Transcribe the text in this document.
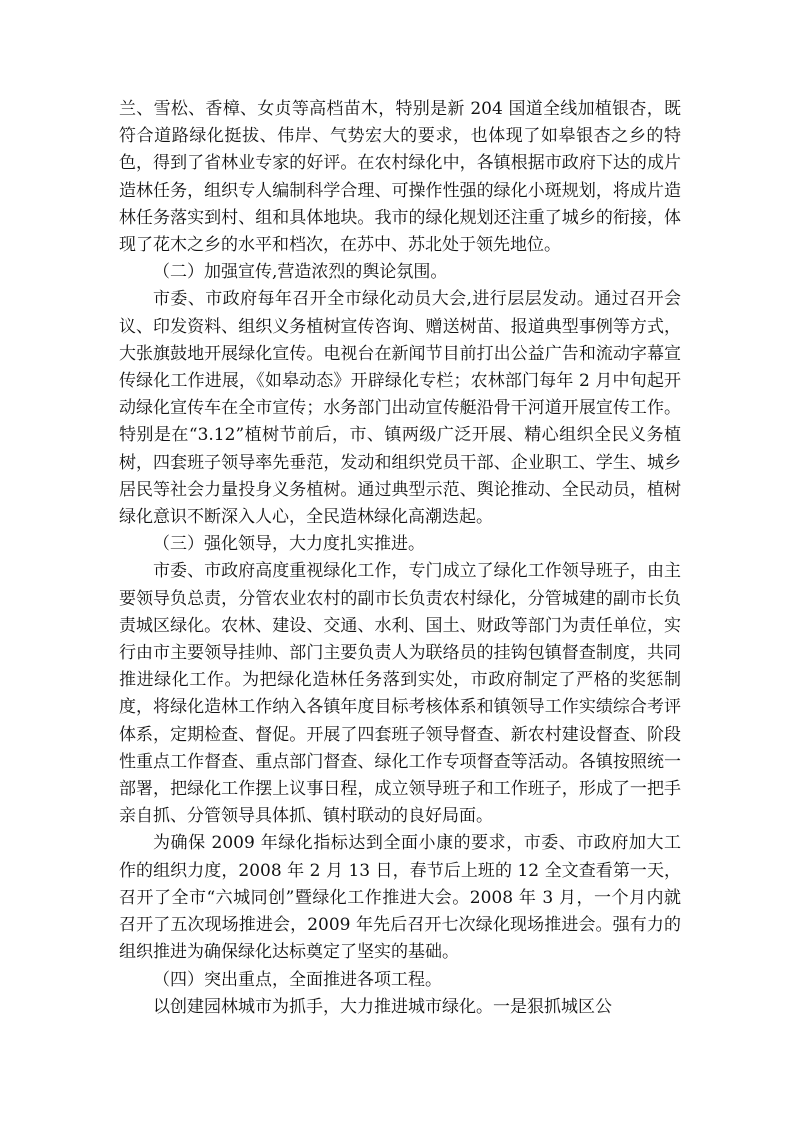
兰、雪松、香樟、女贞等高档苗木，特别是新 204 国道全线加植银杏，既符合道路绿化挺拔、伟岸、气势宏大的要求，也体现了如皋银杏之乡的特色，得到了省林业专家的好评。在农村绿化中，各镇根据市政府下达的成片造林任务，组织专人编制科学合理、可操作性强的绿化小斑规划，将成片造林任务落实到村、组和具体地块。我市的绿化规划还注重了城乡的衔接，体现了花木之乡的水平和档次，在苏中、苏北处于领先地位。

（二）加强宣传,营造浓烈的舆论氛围。

市委、市政府每年召开全市绿化动员大会,进行层层发动。通过召开会议、印发资料、组织义务植树宣传咨询、赠送树苗、报道典型事例等方式，大张旗鼓地开展绿化宣传。电视台在新闻节目前打出公益广告和流动字幕宣传绿化工作进展，《如皋动态》开辟绿化专栏；农林部门每年 2 月中旬起开动绿化宣传车在全市宣传；水务部门出动宣传艇沿骨干河道开展宣传工作。特别是在“3.12”植树节前后，市、镇两级广泛开展、精心组织全民义务植树，四套班子领导率先垂范，发动和组织党员干部、企业职工、学生、城乡居民等社会力量投身义务植树。通过典型示范、舆论推动、全民动员，植树绿化意识不断深入人心，全民造林绿化高潮迭起。

（三）强化领导，大力度扎实推进。

市委、市政府高度重视绿化工作，专门成立了绿化工作领导班子，由主要领导负总责，分管农业农村的副市长负责农村绿化，分管城建的副市长负责城区绿化。农林、建设、交通、水利、国土、财政等部门为责任单位，实行由市主要领导挂帅、部门主要负责人为联络员的挂钩包镇督查制度，共同推进绿化工作。为把绿化造林任务落到实处，市政府制定了严格的奖惩制度，将绿化造林工作纳入各镇年度目标考核体系和镇领导工作实绩综合考评体系，定期检查、督促。开展了四套班子领导督查、新农村建设督查、阶段性重点工作督查、重点部门督查、绿化工作专项督查等活动。各镇按照统一部署，把绿化工作摆上议事日程，成立领导班子和工作班子，形成了一把手亲自抓、分管领导具体抓、镇村联动的良好局面。

为确保 2009 年绿化指标达到全面小康的要求，市委、市政府加大工作的组织力度，2008 年 2 月 13 日，春节后上班的 12 全文查看第一天，召开了全市“六城同创”暨绿化工作推进大会。2008 年 3 月，一个月内就召开了五次现场推进会，2009 年先后召开七次绿化现场推进会。强有力的组织推进为确保绿化达标奠定了坚实的基础。

（四）突出重点，全面推进各项工程。

以创建园林城市为抓手，大力推进城市绿化。一是狠抓城区公
